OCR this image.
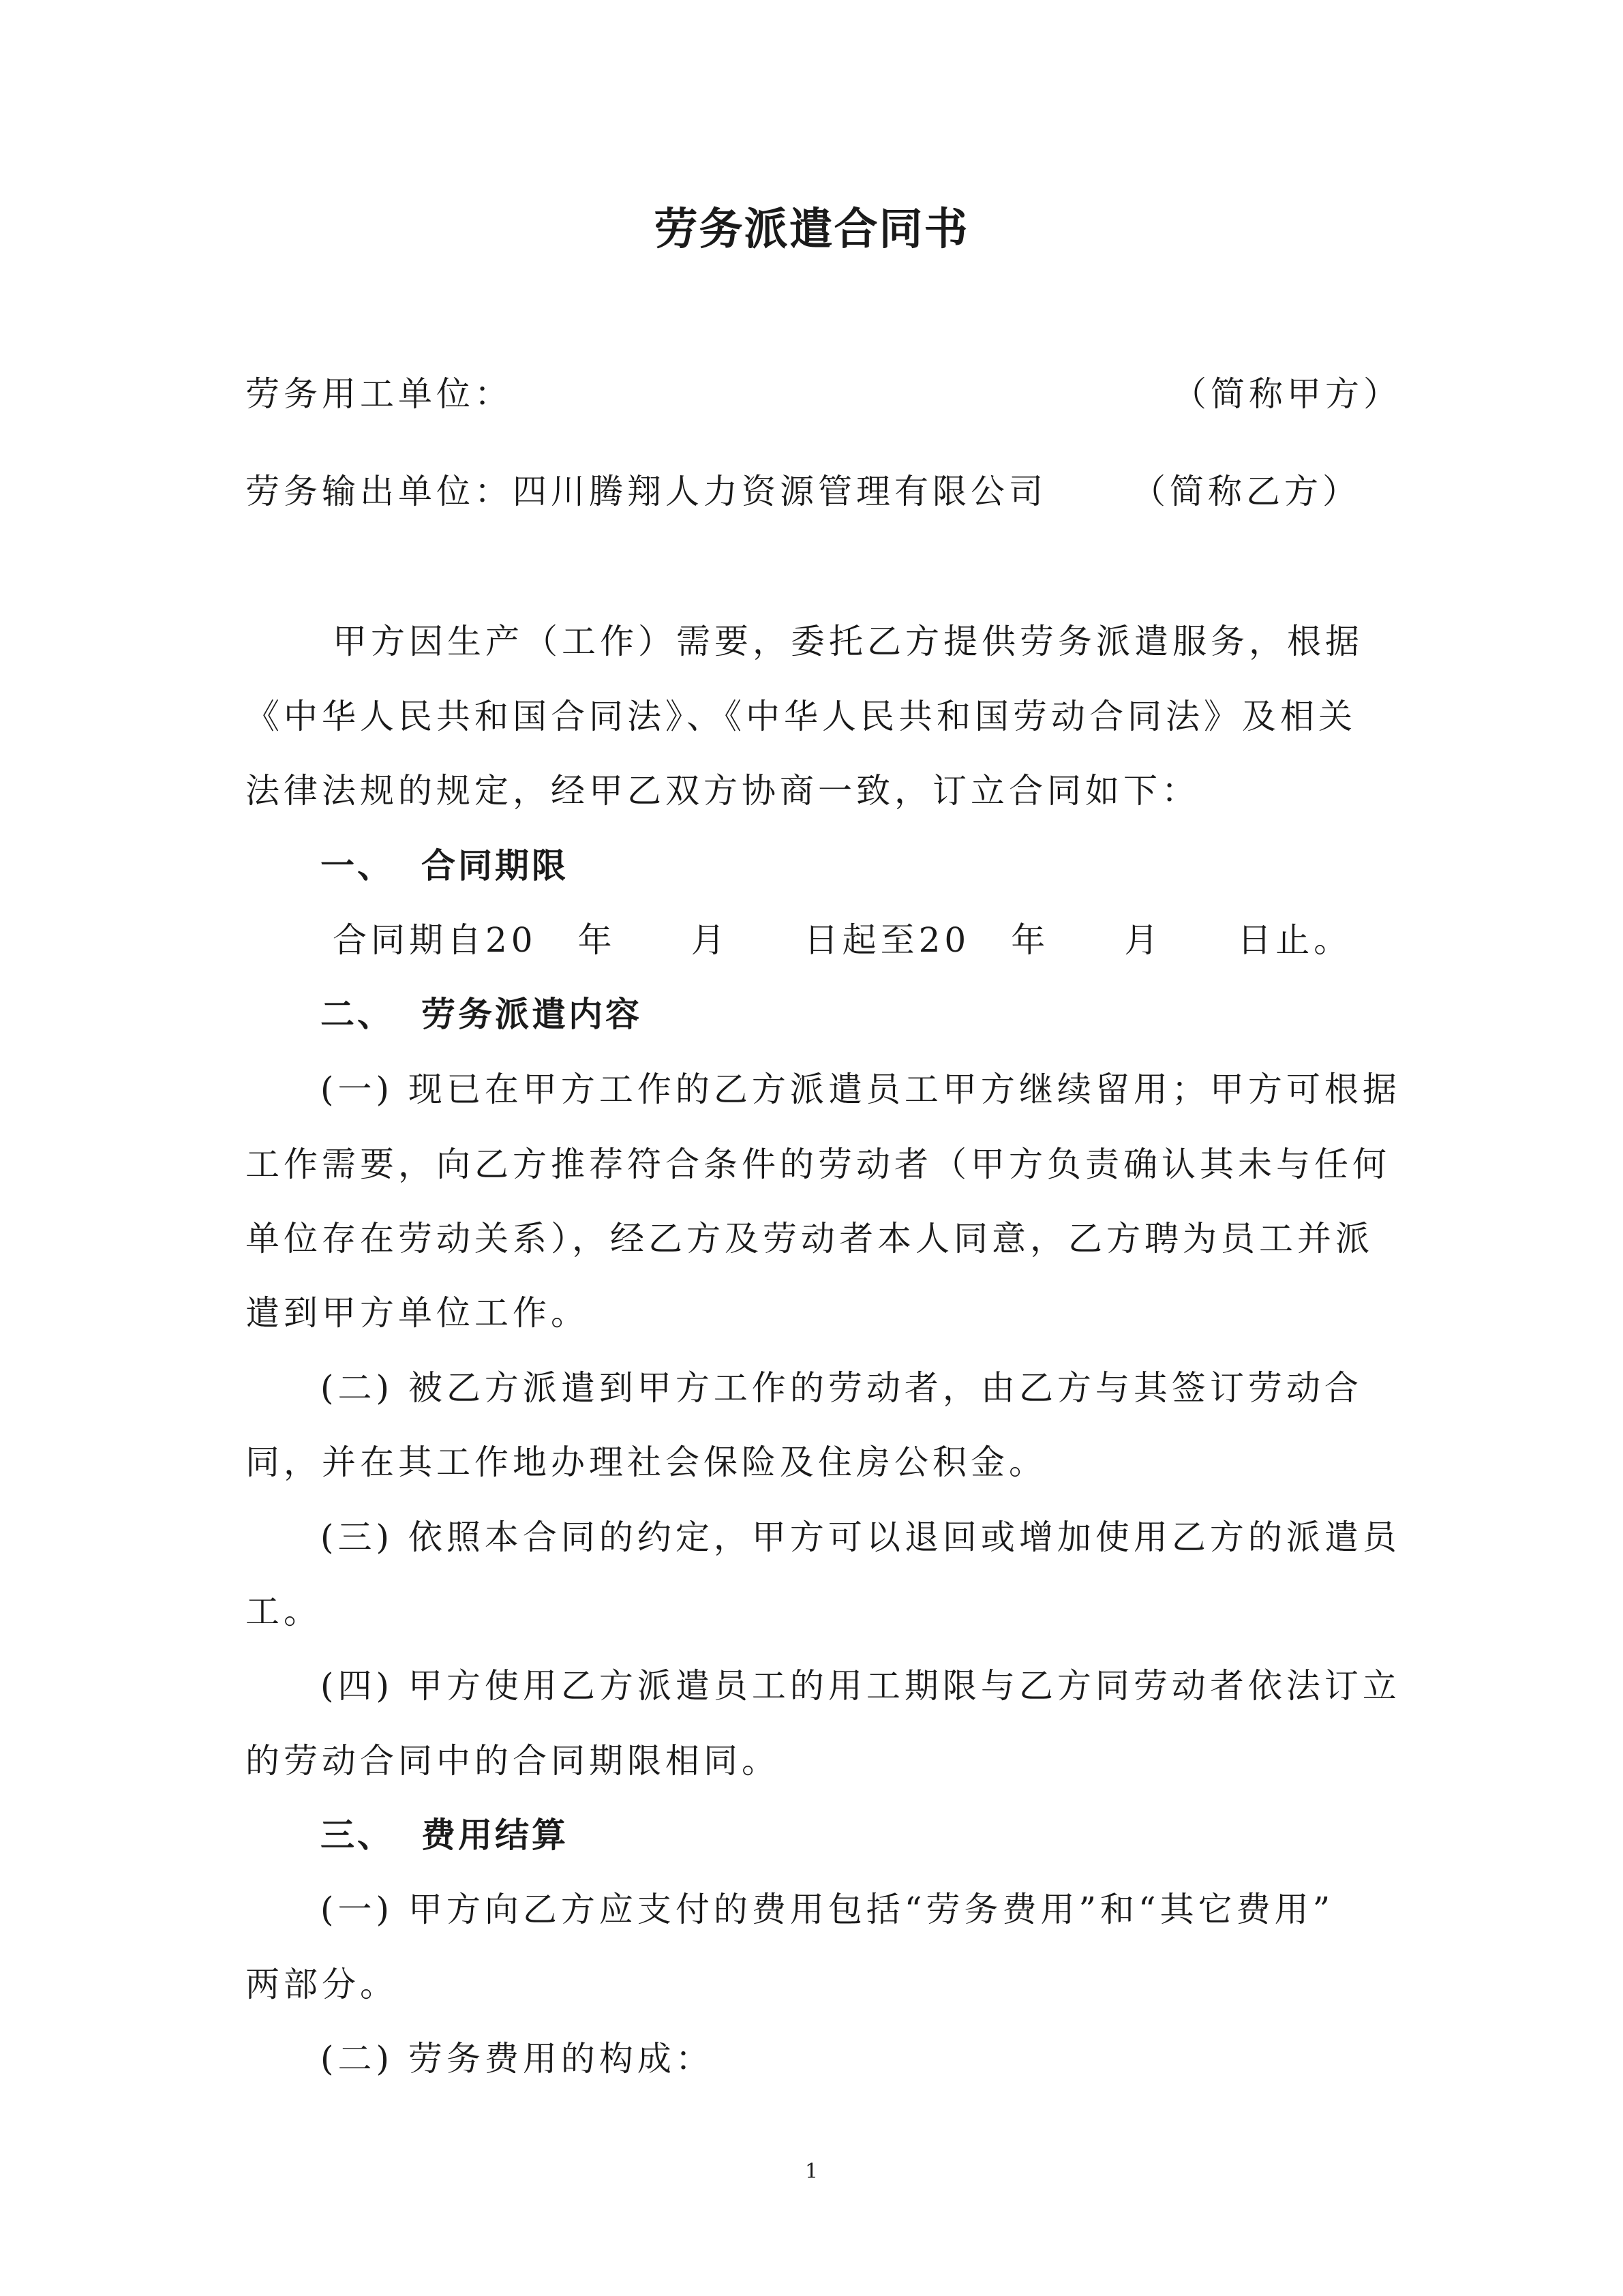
劳务派遣合同书
劳务用工单位：	（简称甲方）
劳务输出单位：四川腾翔人力资源管理有限公司 （简称乙方）
甲方因生产（工作）需要，委托乙方提供劳务派遣服务，根据
《中华人民共和国合同法》、《中华人民共和国劳动合同法》及相关
法律法规的规定，经甲乙双方协商一致，订立合同如下：
一、 合同期限
合同期自20 年 月 日起至20 年 月 日止。
二、 劳务派遣内容
(一) 现已在甲方工作的乙方派遣员工甲方继续留用；甲方可根据
工作需要，向乙方推荐符合条件的劳动者（甲方负责确认其未与任何
单位存在劳动关系），经乙方及劳动者本人同意，乙方聘为员工并派
遣到甲方单位工作。
(二) 被乙方派遣到甲方工作的劳动者，由乙方与其签订劳动合
同，并在其工作地办理社会保险及住房公积金。
(三) 依照本合同的约定，甲方可以退回或增加使用乙方的派遣员
工。
(四) 甲方使用乙方派遣员工的用工期限与乙方同劳动者依法订立
的劳动合同中的合同期限相同。
三、 费用结算
(一) 甲方向乙方应支付的费用包括“劳务费用”和“其它费用”
两部分。
(二) 劳务费用的构成：
1
